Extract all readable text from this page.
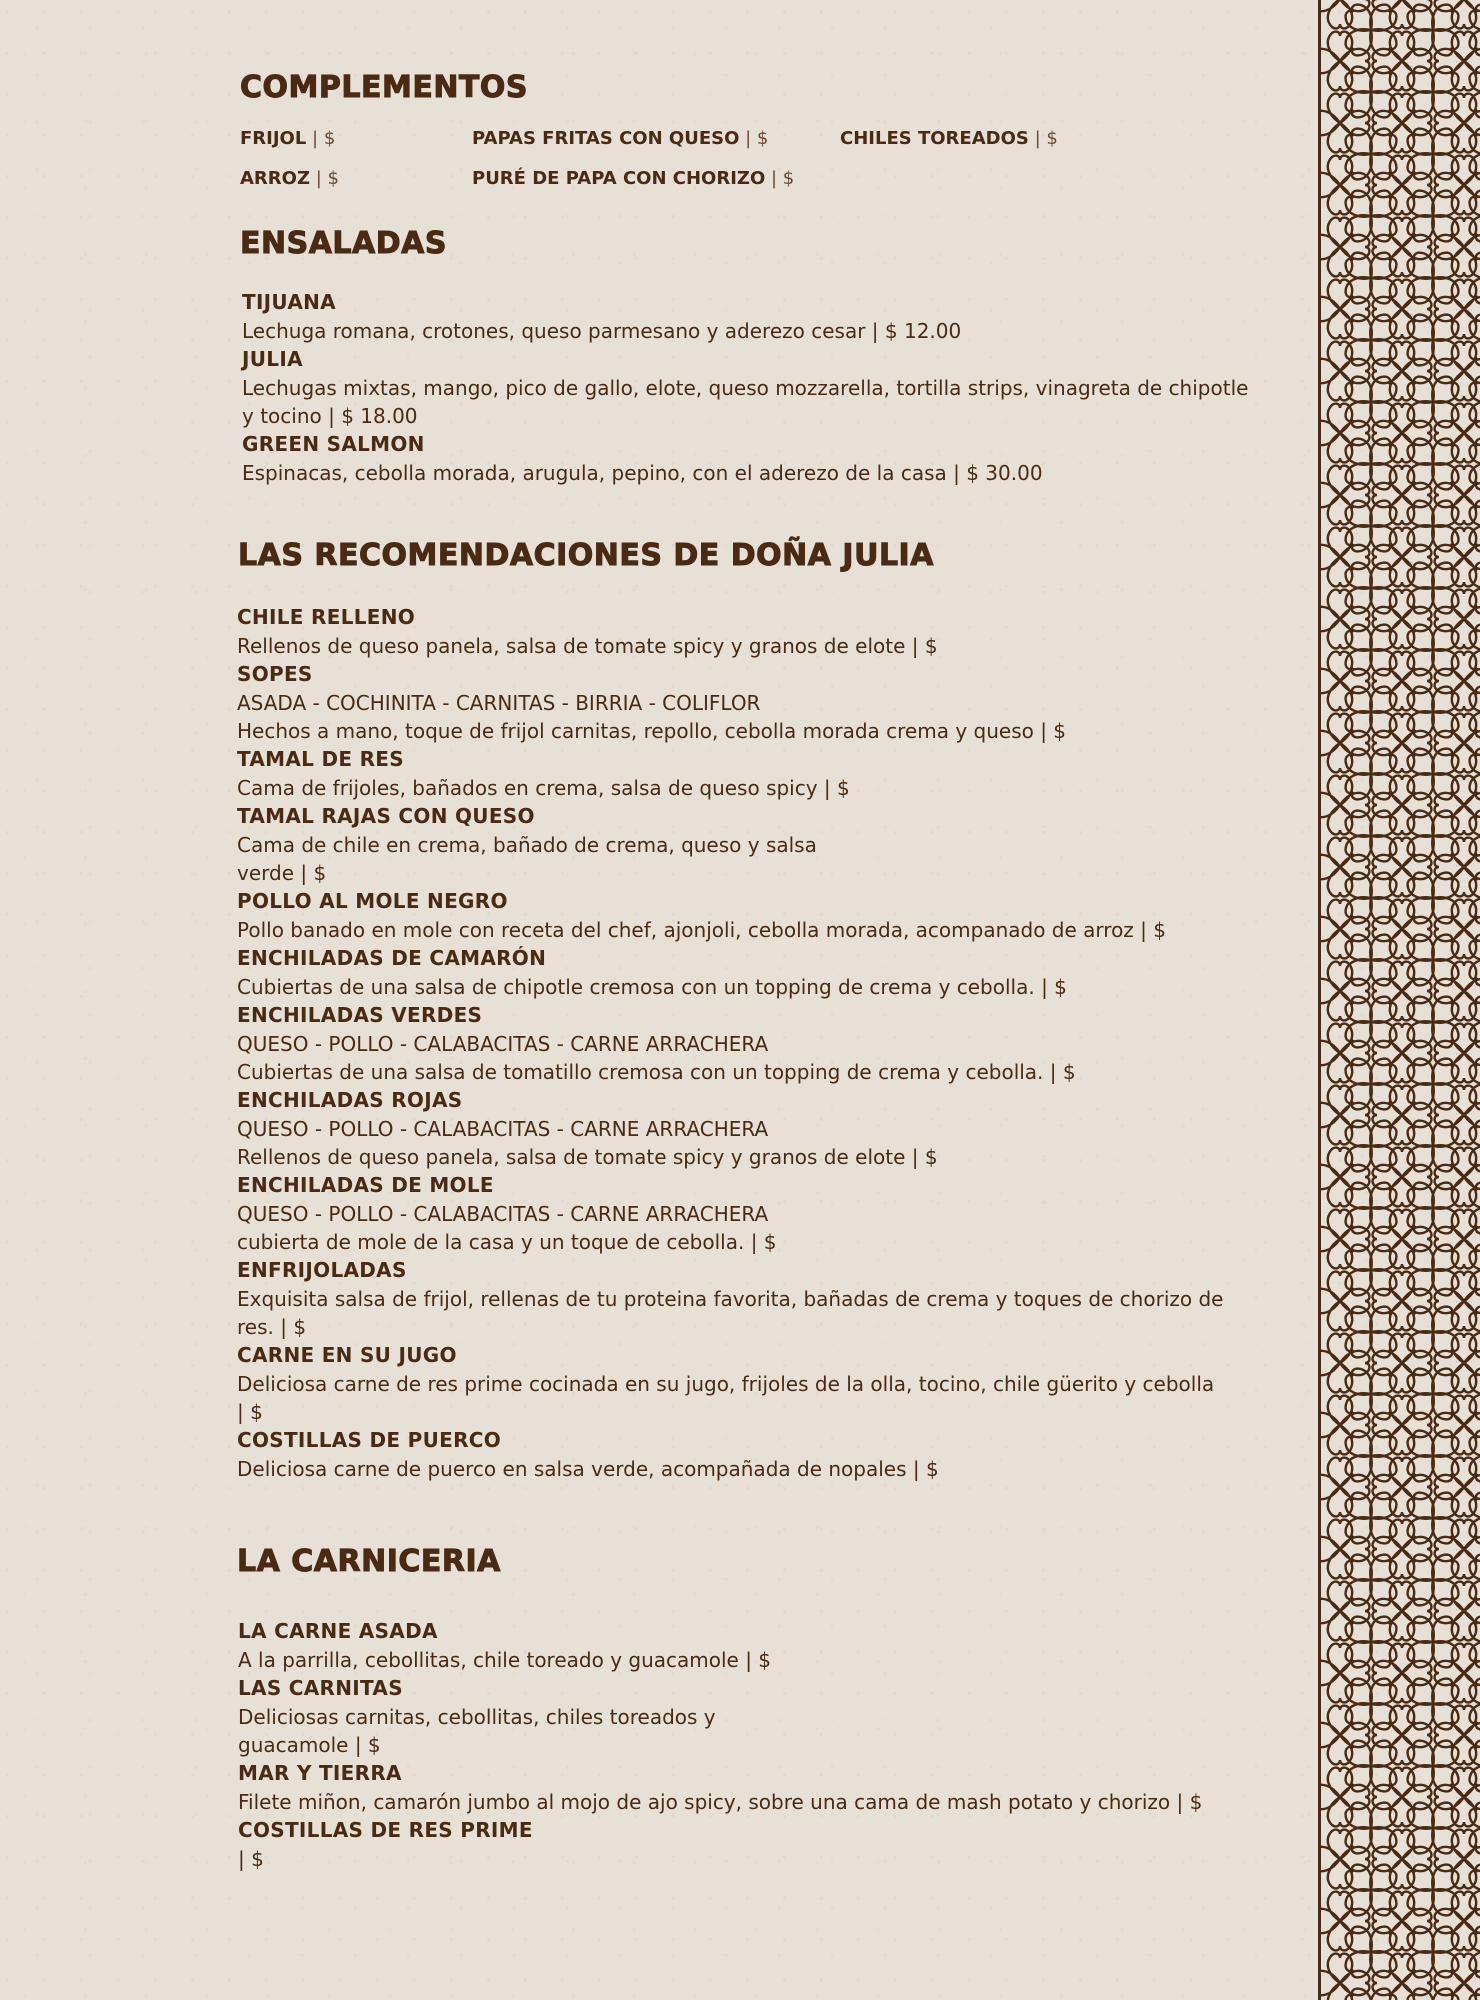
COMPLEMENTOS
FRIJOL | $	PAPAS FRITAS CON QUESO | $	CHILES TOREADOS | $
ARROZ | $	PURÉ DE PAPA CON CHORIZO | $
ENSALADAS
TIJUANA
Lechuga romana, crotones, queso parmesano y aderezo cesar | $ 12.00
JULIA
Lechugas mixtas, mango, pico de gallo, elote, queso mozzarella, tortilla strips, vinagreta de chipotle
y tocino | $ 18.00
GREEN SALMON
Espinacas, cebolla morada, arugula, pepino, con el aderezo de la casa | $ 30.00
LAS RECOMENDACIONES DE DOÑA JULIA
CHILE RELLENO
Rellenos de queso panela, salsa de tomate spicy y granos de elote | $
SOPES
ASADA - COCHINITA - CARNITAS - BIRRIA - COLIFLOR
Hechos a mano, toque de frijol carnitas, repollo, cebolla morada crema y queso | $
TAMAL DE RES
Cama de frijoles, bañados en crema, salsa de queso spicy | $
TAMAL RAJAS CON QUESO
Cama de chile en crema, bañado de crema, queso y salsa
verde | $
POLLO AL MOLE NEGRO
Pollo banado en mole con receta del chef, ajonjoli, cebolla morada, acompanado de arroz | $
ENCHILADAS DE CAMARÓN
Cubiertas de una salsa de chipotle cremosa con un topping de crema y cebolla. | $
ENCHILADAS VERDES
QUESO - POLLO - CALABACITAS - CARNE ARRACHERA
Cubiertas de una salsa de tomatillo cremosa con un topping de crema y cebolla. | $
ENCHILADAS ROJAS
QUESO - POLLO - CALABACITAS - CARNE ARRACHERA
Rellenos de queso panela, salsa de tomate spicy y granos de elote | $
ENCHILADAS DE MOLE
QUESO - POLLO - CALABACITAS - CARNE ARRACHERA
cubierta de mole de la casa y un toque de cebolla. | $
ENFRIJOLADAS
Exquisita salsa de frijol, rellenas de tu proteina favorita, bañadas de crema y toques de chorizo de
res. | $
CARNE EN SU JUGO
Deliciosa carne de res prime cocinada en su jugo, frijoles de la olla, tocino, chile güerito y cebolla
| $
COSTILLAS DE PUERCO
Deliciosa carne de puerco en salsa verde, acompañada de nopales | $
LA CARNICERIA
LA CARNE ASADA
A la parrilla, cebollitas, chile toreado y guacamole | $
LAS CARNITAS
Deliciosas carnitas, cebollitas, chiles toreados y
guacamole | $
MAR Y TIERRA
Filete miñon, camarón jumbo al mojo de ajo spicy, sobre una cama de mash potato y chorizo | $
COSTILLAS DE RES PRIME
| $
